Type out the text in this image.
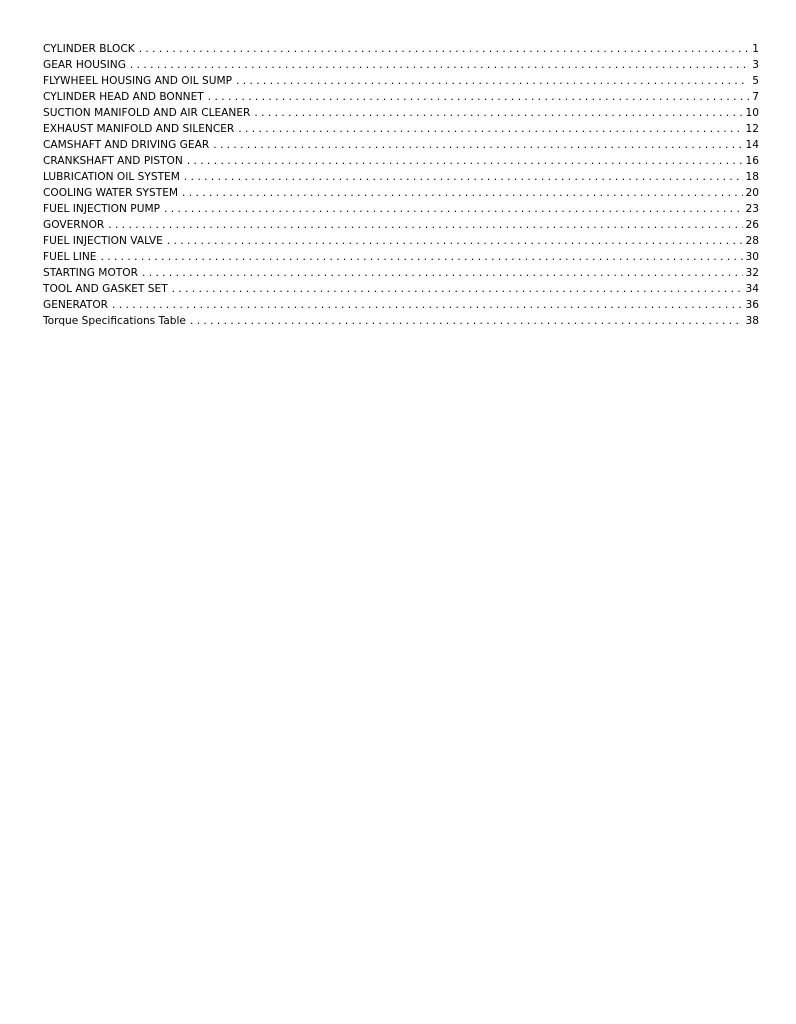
CYLINDER BLOCK . . .	1
GEAR HOUSING . . .	3
FLYWHEEL HOUSING AND OIL SUMP . . .	5
CYLINDER HEAD AND BONNET . . .	7
SUCTION MANIFOLD AND AIR CLEANER . . .	10
EXHAUST MANIFOLD AND SILENCER . . .	12
CAMSHAFT AND DRIVING GEAR . . .	14
CRANKSHAFT AND PISTON . . .	16
LUBRICATION OIL SYSTEM . . .	18
COOLING WATER SYSTEM . . .	20
FUEL INJECTION PUMP . . .	23
GOVERNOR . . .	26
FUEL INJECTION VALVE . . .	28
FUEL LINE . . .	30
STARTING MOTOR . . .	32
TOOL AND GASKET SET . . .	34
GENERATOR . . .	36
Torque Specifications Table . . .	38
